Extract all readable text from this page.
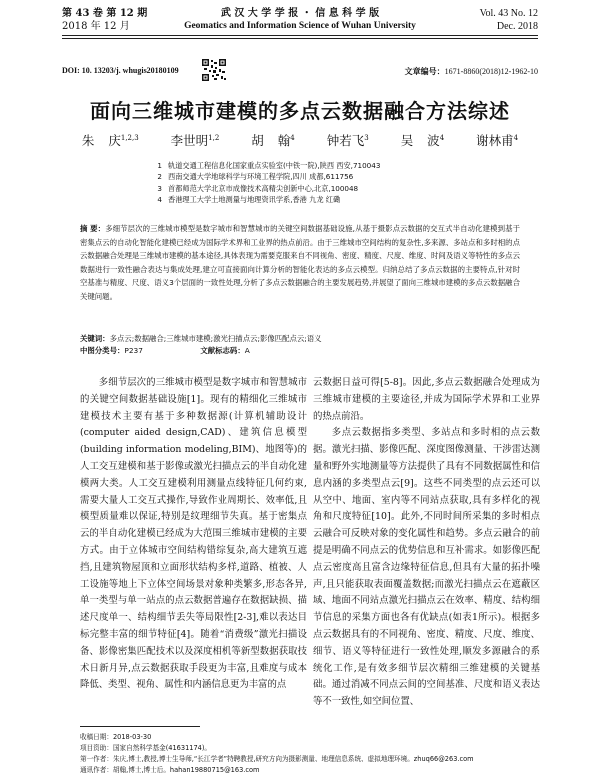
第 43 卷 第 12 期
2018 年 12 月
武 汉 大 学 学 报 ・ 信 息 科 学 版
Geomatics and Information Science of Wuhan University
Vol. 43 No. 12
Dec. 2018
DOI: 10. 13203/j. whugis20180109	文章编号：1671-8860(2018)12-1962-10
面向三维城市建模的多点云数据融合方法综述
朱 庆$^{1,2,3}$	李世明$^{1,2}$	胡 翰$^4$	钟若飞$^3$	吴 波$^4$	谢林甫$^4$
1 轨道交通工程信息化国家重点实验室(中铁一院),陕西 西安,710043
2 西南交通大学地球科学与环境工程学院,四川 成都,611756
3 首都师范大学北京市成像技术高精尖创新中心,北京,100048
4 香港理工大学土地测量与地理资讯学系,香港 九龙 红磡
摘 要：多细节层次的三维城市模型是数字城市和智慧城市的关键空间数据基础设施,从基于摄影点云数据的交互式半自动化建模到基于密集点云的自动化智能化建模已经成为国际学术界和工业界的热点前沿。由于三维城市空间结构的复杂性,多来源、多站点和多时相的点云数据融合处理是三维城市建模的基本途径,具体表现为需要克服来自不同视角、密度、精度、尺度、维度、时间及语义等特性的多点云数据进行一致性融合表达与集成处理,建立可直接面向计算分析的智能化表达的多点云模型。归纳总结了多点云数据的主要特点,针对时空基准与精度、尺度、语义3个层面的一致性处理,分析了多点云数据融合的主要发展趋势,并展望了面向三维城市建模的多点云数据融合关键问题。
关键词：多点云;数据融合;三维城市建模;激光扫描点云;影像匹配点云;语义
中图分类号：P237	文献标志码：A

多细节层次的三维城市模型是数字城市和智慧城市的关键空间数据基础设施[1]。现有的精细化三维城市建模技术主要有基于多种数据源(计算机辅助设计(computer aided design,CAD)、建筑信息模型(building information modeling,BIM)、地图等)的人工交互建模和基于影像或激光扫描点云的半自动化建模两大类。人工交互建模利用测量点线特征几何约束,需要大量人工交互式操作,导致作业周期长、效率低,且模型质量难以保证,特别是纹理细节失真。基于密集点云的半自动化建模已经成为大范围三维城市建模的主要方式。由于立体城市空间结构错综复杂,高大建筑互遮挡,且建筑物屋顶和立面形状结构多样,道路、植被、人工设施等地上下立体空间场景对象种类繁多,形态各异,单一类型与单一站点的点云数据普遍存在数据缺损、描述尺度单一、结构细节丢失等局限性[2-3],难以表达目标完整丰富的细节特征[4]。随着“消费级”激光扫描设备、影像密集匹配技术以及深度相机等新型数据获取技术日新月异,点云数据获取手段更为丰富,且难度与成本降低、类型、视角、属性和内涵信息更为丰富的点

云数据日益可得[5-8]。因此,多点云数据融合处理成为三维城市建模的主要途径,并成为国际学术界和工业界的热点前沿。

多点云数据指多类型、多站点和多时相的点云数据。激光扫描、影像匹配、深度图像测量、干涉雷达测量和野外实地测量等方法提供了具有不同数据属性和信息内涵的多类型点云[9]。这些不同类型的点云还可以从空中、地面、室内等不同站点获取,具有多样化的视角和尺度特征[10]。此外,不同时间所采集的多时相点云融合可反映对象的变化属性和趋势。多点云融合的前提是明确不同点云的优势信息和互补需求。如影像匹配点云密度高且富含边缘特征信息,但具有大量的拓扑噪声,且只能获取表面覆盖数据;而激光扫描点云在遮蔽区域、地面不同站点激光扫描点云在效率、精度、结构细节信息的采集方面也各有优缺点(如表1所示)。根据多点云数据具有的不同视角、密度、精度、尺度、维度、细节、语义等特征进行一致性处理,顺发多源融合的系统化工作,是有效多细节层次精细三维建模的关键基础。通过消减不同点云间的空间基准、尺度和语义表达等不一致性,如空间位置、

收稿日期：2018-03-30
项目资助：国家自然科学基金(41631174)。
第一作者：朱庆,博士,教授,博士生导师,“长江学者”特聘教授,研究方向为摄影测量、地理信息系统、虚拟地理环境。zhuq66@263.com
通讯作者：胡翰,博士,博士后。hahan19880715@163.com
